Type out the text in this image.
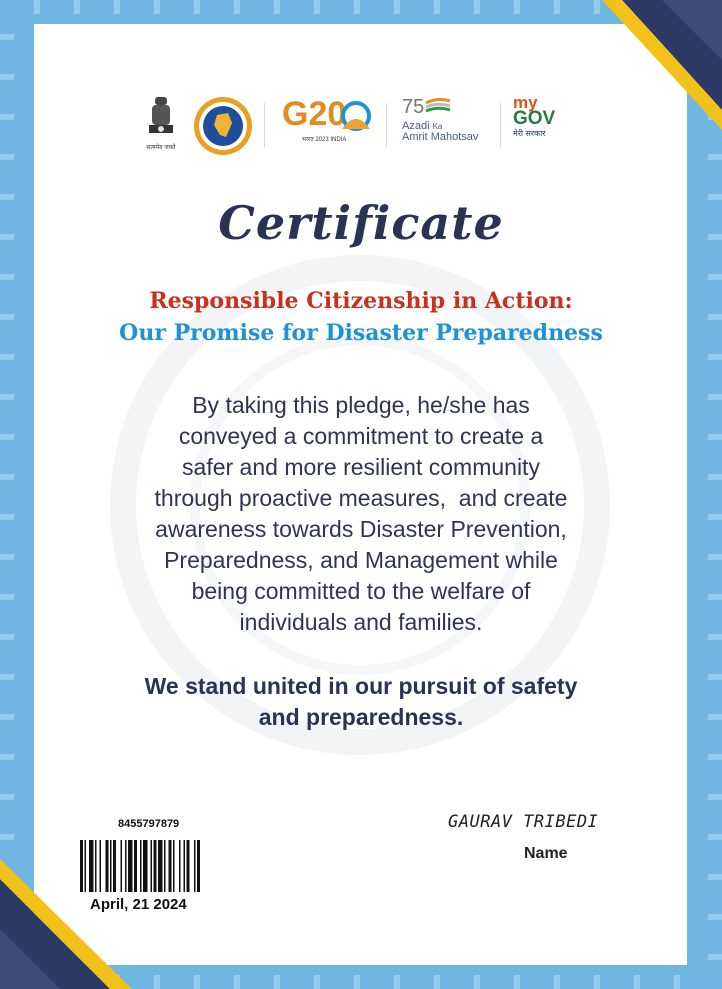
सत्यमेव जयते
G20
भारत 2023 INDIA
75
Azadi Ka
Amrit Mahotsav
my
GOV
मेरी सरकार
Certificate
Responsible Citizenship in Action:
Our Promise for Disaster Preparedness
By taking this pledge, he/she has
conveyed a commitment to create a
safer and more resilient community
through proactive measures,  and create
awareness towards Disaster Prevention,
Preparedness, and Management while
being committed to the welfare of
individuals and families.
We stand united in our pursuit of safety
and preparedness.
8455797879
April, 21 2024
GAURAV TRIBEDI
Name
